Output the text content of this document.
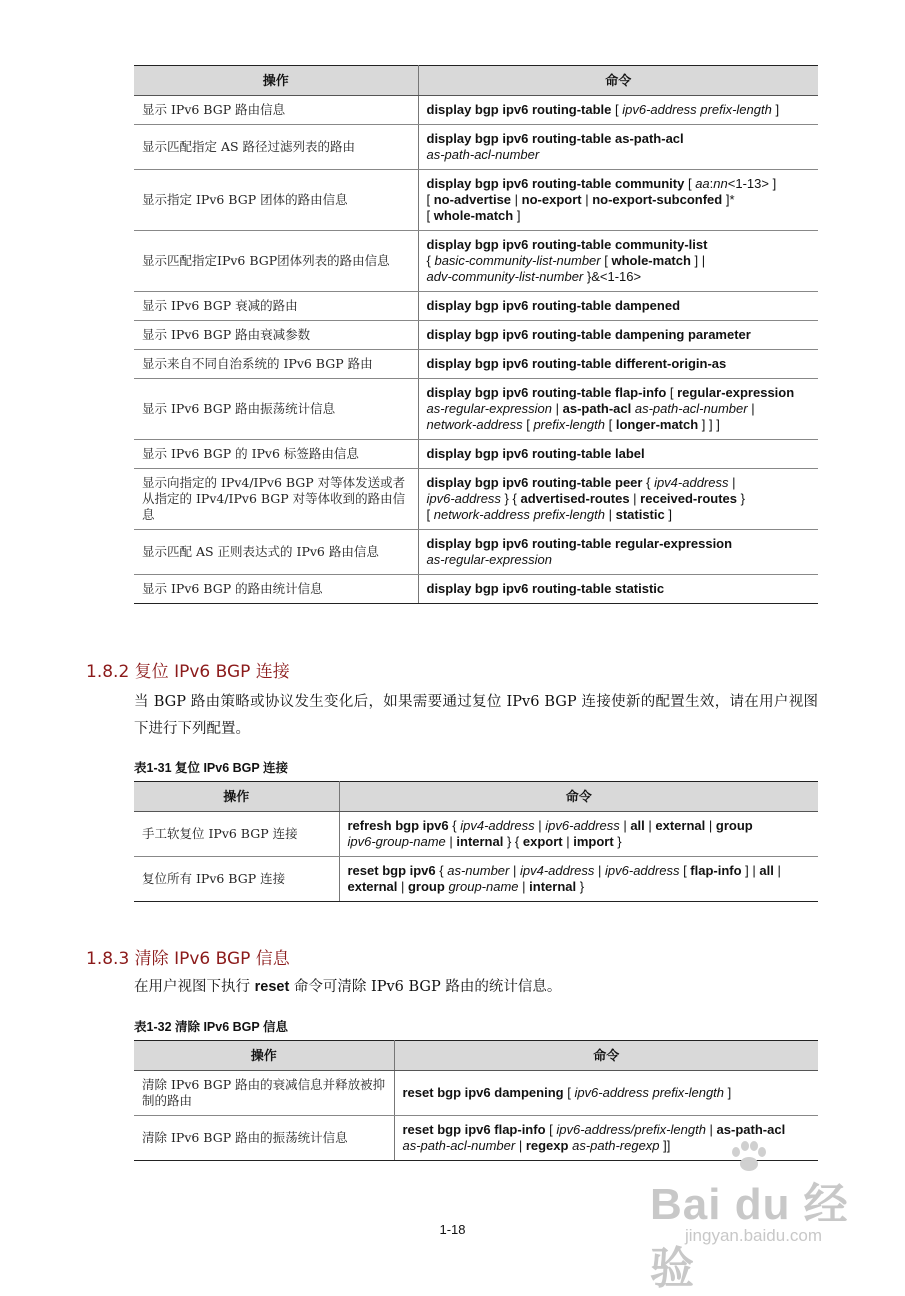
操作	命令
显示 IPv6 BGP 路由信息	display bgp ipv6 routing-table [ ipv6-address prefix-length ]
显示匹配指定 AS 路径过滤列表的路由	display bgp ipv6 routing-table as-path-acl
as-path-acl-number
显示指定 IPv6 BGP 团体的路由信息	display bgp ipv6 routing-table community [ aa:nn<1-13> ]
[ no-advertise | no-export | no-export-subconfed ]*
[ whole-match ]
显示匹配指定IPv6 BGP团体列表的路由信息	display bgp ipv6 routing-table community-list
{ basic-community-list-number [ whole-match ] |
adv-community-list-number }&<1-16>
显示 IPv6 BGP 衰减的路由	display bgp ipv6 routing-table dampened
显示 IPv6 BGP 路由衰减参数	display bgp ipv6 routing-table dampening parameter
显示来自不同自治系统的 IPv6 BGP 路由	display bgp ipv6 routing-table different-origin-as
显示 IPv6 BGP 路由振荡统计信息	display bgp ipv6 routing-table flap-info [ regular-expression
as-regular-expression | as-path-acl as-path-acl-number |
network-address [ prefix-length [ longer-match ] ] ]
显示 IPv6 BGP 的 IPv6 标签路由信息	display bgp ipv6 routing-table label
显示向指定的 IPv4/IPv6 BGP 对等体发送或者从指定的 IPv4/IPv6 BGP 对等体收到的路由信息	display bgp ipv6 routing-table peer { ipv4-address |
ipv6-address } { advertised-routes | received-routes }
[ network-address prefix-length | statistic ]
显示匹配 AS 正则表达式的 IPv6 路由信息	display bgp ipv6 routing-table regular-expression
as-regular-expression
显示 IPv6 BGP 的路由统计信息	display bgp ipv6 routing-table statistic
1.8.2 复位 IPv6 BGP 连接
当 BGP 路由策略或协议发生变化后，如果需要通过复位 IPv6 BGP 连接使新的配置生效，请在用户视图下进行下列配置。
表1-31 复位 IPv6 BGP 连接
操作	命令
手工软复位 IPv6 BGP 连接	refresh bgp ipv6 { ipv4-address | ipv6-address | all | external | group
ipv6-group-name | internal } { export | import }
复位所有 IPv6 BGP 连接	reset bgp ipv6 { as-number | ipv4-address | ipv6-address [ flap-info ] | all |
external | group group-name | internal }
1.8.3 清除 IPv6 BGP 信息
在用户视图下执行 reset 命令可清除 IPv6 BGP 路由的统计信息。
表1-32 清除 IPv6 BGP 信息
操作	命令
清除 IPv6 BGP 路由的衰减信息并释放被抑制的路由	reset bgp ipv6 dampening [ ipv6-address prefix-length ]
清除 IPv6 BGP 路由的振荡统计信息	reset bgp ipv6 flap-info [ ipv6-address/prefix-length | as-path-acl
as-path-acl-number | regexp as-path-regexp ]]
Bai du 经验
jingyan.baidu.com
1-18
